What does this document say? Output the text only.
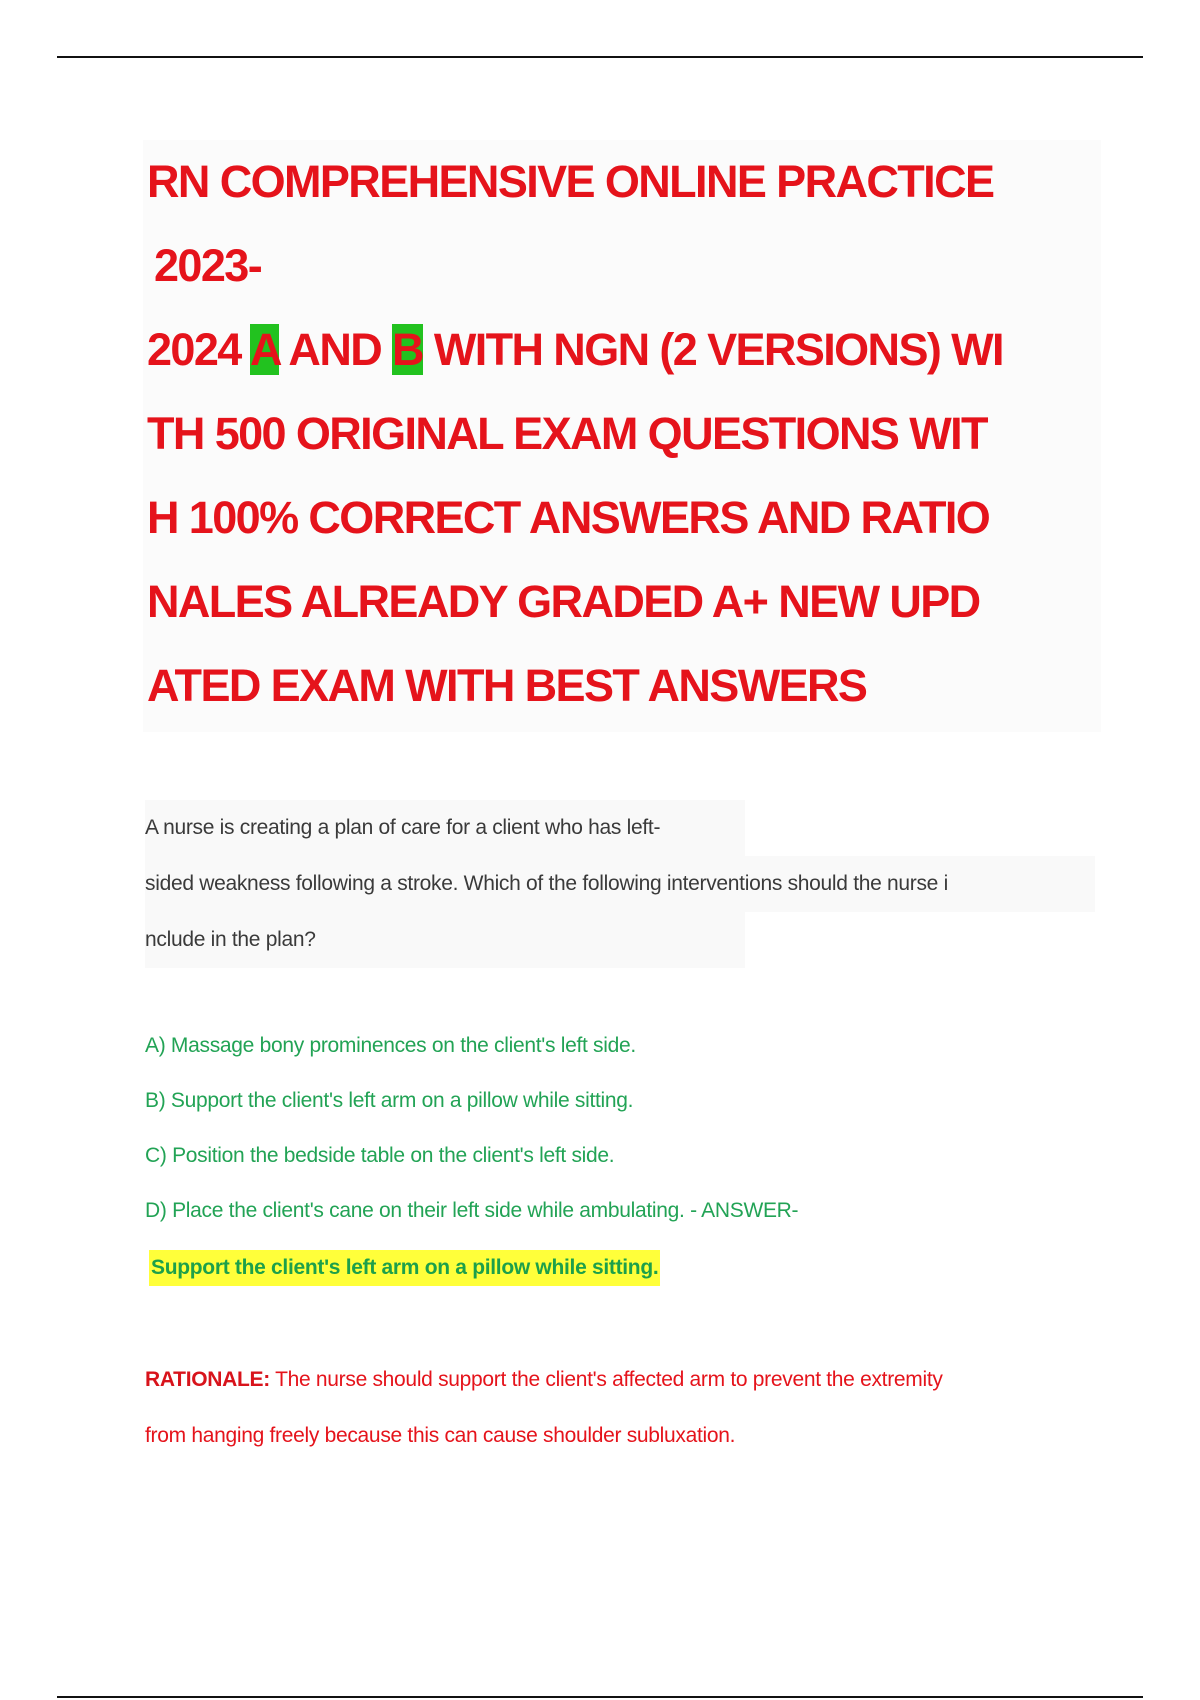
RN COMPREHENSIVE ONLINE PRACTICE
2023-
2024 A AND B WITH NGN (2 VERSIONS) WI
TH 500 ORIGINAL EXAM QUESTIONS WIT
H 100% CORRECT ANSWERS AND RATIO
NALES ALREADY GRADED A+ NEW UPD
ATED EXAM WITH BEST ANSWERS
A nurse is creating a plan of care for a client who has left-
sided weakness following a stroke. Which of the following interventions should the nurse i
nclude in the plan?
A) Massage bony prominences on the client's left side.
B) Support the client's left arm on a pillow while sitting.
C) Position the bedside table on the client's left side.
D) Place the client's cane on their left side while ambulating. - ANSWER-
Support the client's left arm on a pillow while sitting.
RATIONALE: The nurse should support the client's affected arm to prevent the extremity
from hanging freely because this can cause shoulder subluxation.
